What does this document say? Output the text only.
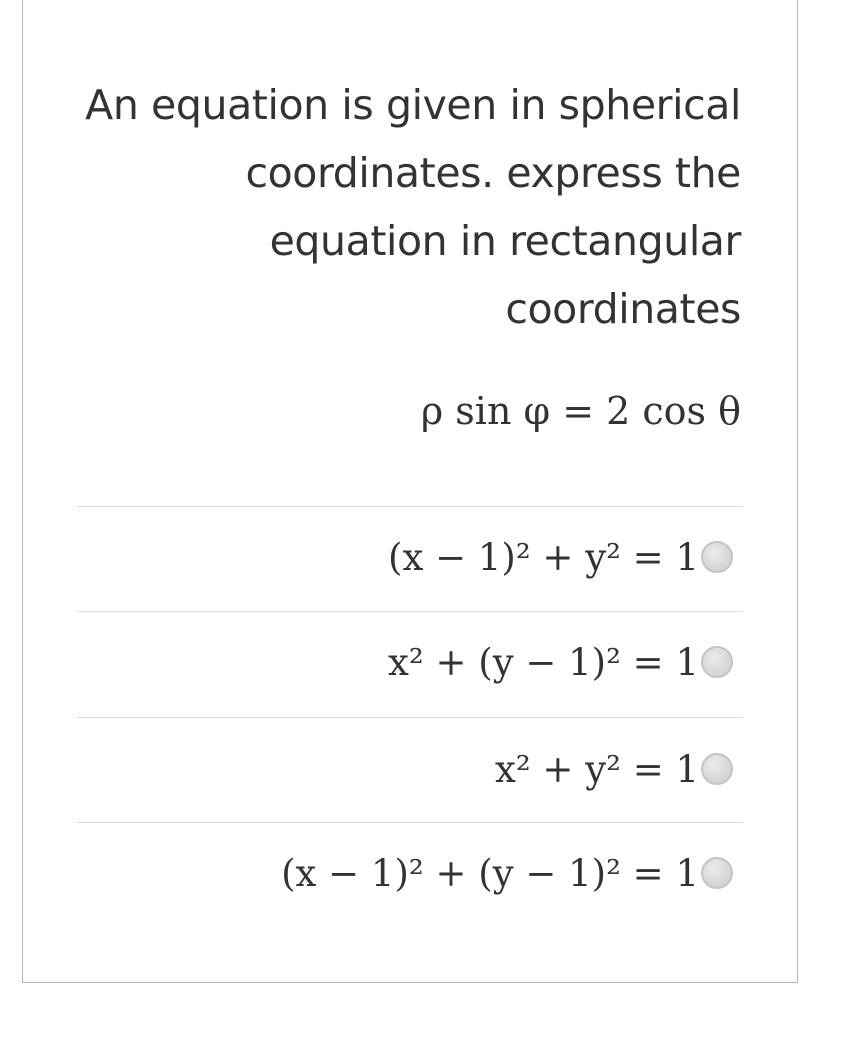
An equation is given in spherical
coordinates. express the
equation in rectangular
coordinates
ρ sin φ = 2 cos θ
(x − 1)² + y² = 1
x² + (y − 1)² = 1
x² + y² = 1
(x − 1)² + (y − 1)² = 1
